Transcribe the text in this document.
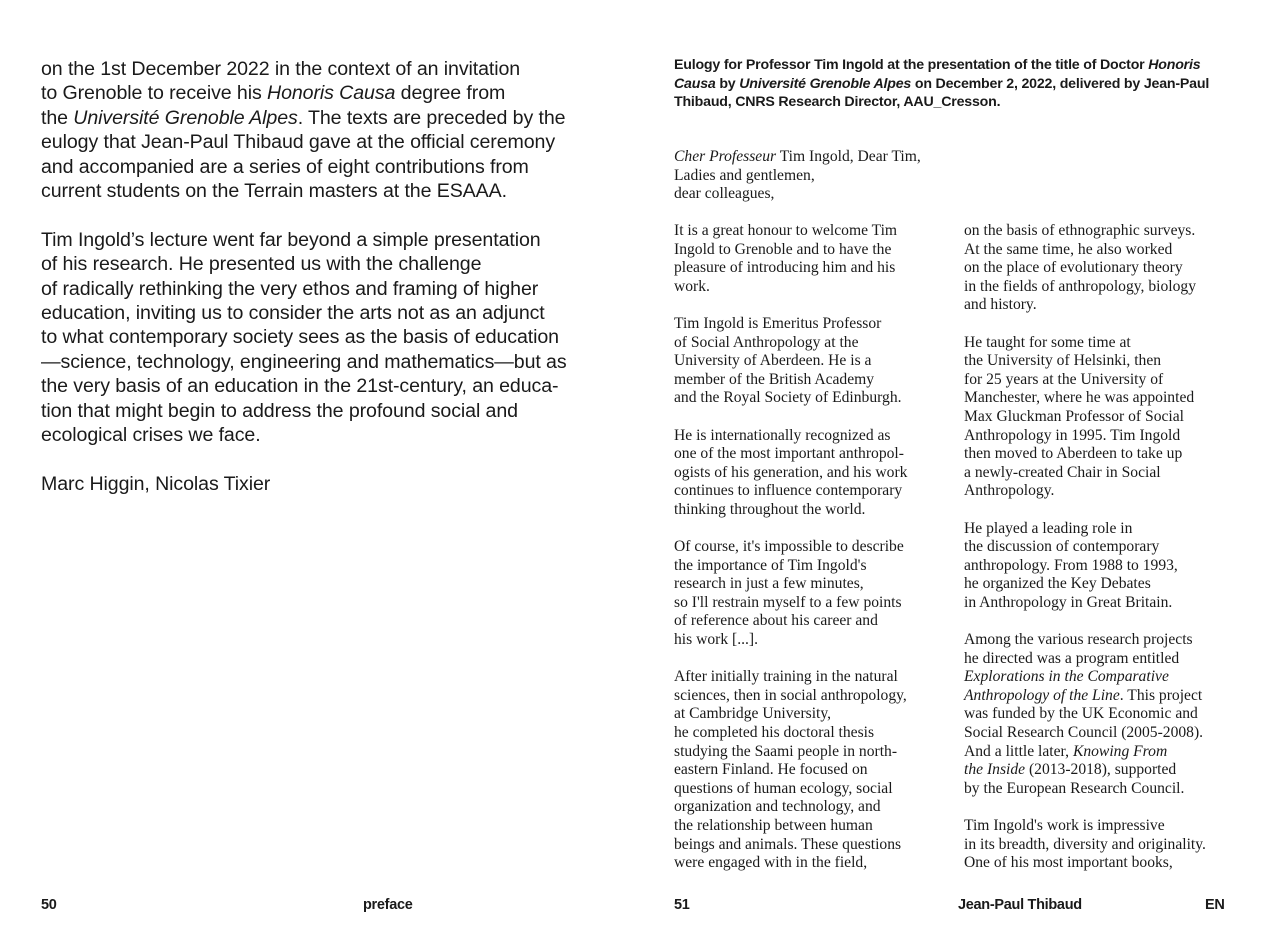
on the 1st December 2022 in the context of an invitation
to Grenoble to receive his Honoris Causa degree from
the Université Grenoble Alpes. The texts are preceded by the
eulogy that Jean-Paul Thibaud gave at the official ceremony
and accompanied are a series of eight contributions from
current students on the Terrain masters at the ESAAA.

Tim Ingold’s lecture went far beyond a simple presentation
of his research. He presented us with the challenge
of radically rethinking the very ethos and framing of higher
education, inviting us to consider the arts not as an adjunct
to what contemporary society sees as the basis of education
—science, technology, engineering and mathematics—but as
the very basis of an education in the 21st-century, an educa-
tion that might begin to address the profound social and
ecological crises we face.

Marc Higgin, Nicolas Tixier

50	preface
Eulogy for Professor Tim Ingold at the presentation of the title of Doctor Honoris
Causa by Université Grenoble Alpes on December 2, 2022, delivered by Jean-Paul
Thibaud, CNRS Research Director, AAU_Cresson.
Cher Professeur Tim Ingold, Dear Tim,
Ladies and gentlemen,
dear colleagues,

It is a great honour to welcome Tim
Ingold to Grenoble and to have the
pleasure of introducing him and his
work.

Tim Ingold is Emeritus Professor
of Social Anthropology at the
University of Aberdeen. He is a
member of the British Academy
and the Royal Society of Edinburgh.

He is internationally recognized as
one of the most important anthropol-
ogists of his generation, and his work
continues to influence contemporary
thinking throughout the world.

Of course, it's impossible to describe
the importance of Tim Ingold's
research in just a few minutes,
so I'll restrain myself to a few points
of reference about his career and
his work [...].

After initially training in the natural
sciences, then in social anthropology,
at Cambridge University,
he completed his doctoral thesis
studying the Saami people in north-
eastern Finland. He focused on
questions of human ecology, social
organization and technology, and
the relationship between human
beings and animals. These questions
were engaged with in the field,

on the basis of ethnographic surveys.
At the same time, he also worked
on the place of evolutionary theory
in the fields of anthropology, biology
and history.

He taught for some time at
the University of Helsinki, then
for 25 years at the University of
Manchester, where he was appointed
Max Gluckman Professor of Social
Anthropology in 1995. Tim Ingold
then moved to Aberdeen to take up
a newly-created Chair in Social
Anthropology.

He played a leading role in
the discussion of contemporary
anthropology. From 1988 to 1993,
he organized the Key Debates
in Anthropology in Great Britain.

Among the various research projects
he directed was a program entitled
Explorations in the Comparative
Anthropology of the Line. This project
was funded by the UK Economic and
Social Research Council (2005-2008).
And a little later, Knowing From
the Inside (2013-2018), supported
by the European Research Council.

Tim Ingold's work is impressive
in its breadth, diversity and originality.
One of his most important books,

51	Jean-Paul Thibaud	EN
